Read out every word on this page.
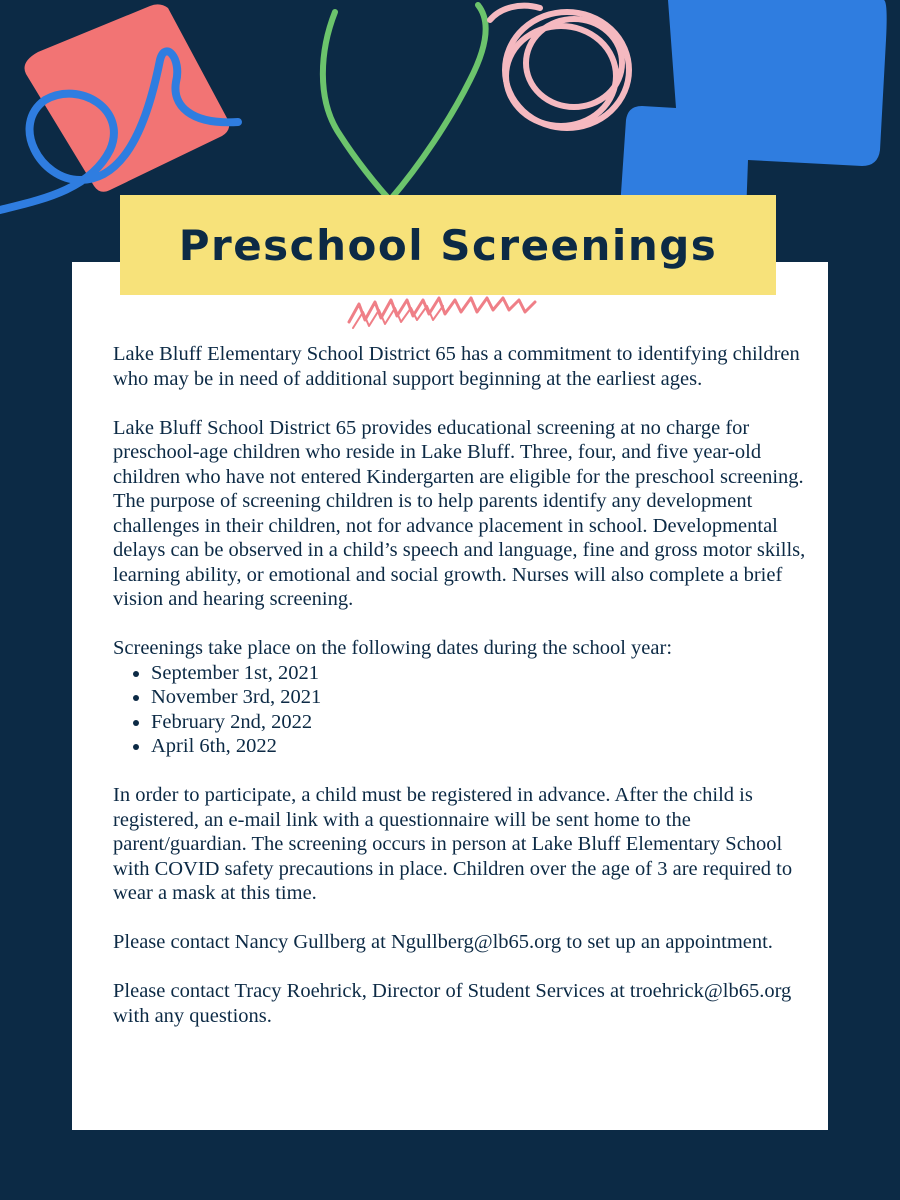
Preschool Screenings

Lake Bluff Elementary School District 65 has a commitment to identifying children who may be in need of additional support beginning at the earliest ages.

Lake Bluff School District 65 provides educational screening at no charge for preschool-age children who reside in Lake Bluff. Three, four, and five year-old children who have not entered Kindergarten are eligible for the preschool screening. The purpose of screening children is to help parents identify any development challenges in their children, not for advance placement in school. Developmental delays can be observed in a child’s speech and language, fine and gross motor skills, learning ability, or emotional and social growth. Nurses will also complete a brief vision and hearing screening.

Screenings take place on the following dates during the school year:

• September 1st, 2021
• November 3rd, 2021
• February 2nd, 2022
• April 6th, 2022

In order to participate, a child must be registered in advance. After the child is registered, an e-mail link with a questionnaire will be sent home to the parent/guardian. The screening occurs in person at Lake Bluff Elementary School with COVID safety precautions in place. Children over the age of 3 are required to wear a mask at this time.

Please contact Nancy Gullberg at Ngullberg@lb65.org to set up an appointment.

Please contact Tracy Roehrick, Director of Student Services at troehrick@lb65.org with any questions.
